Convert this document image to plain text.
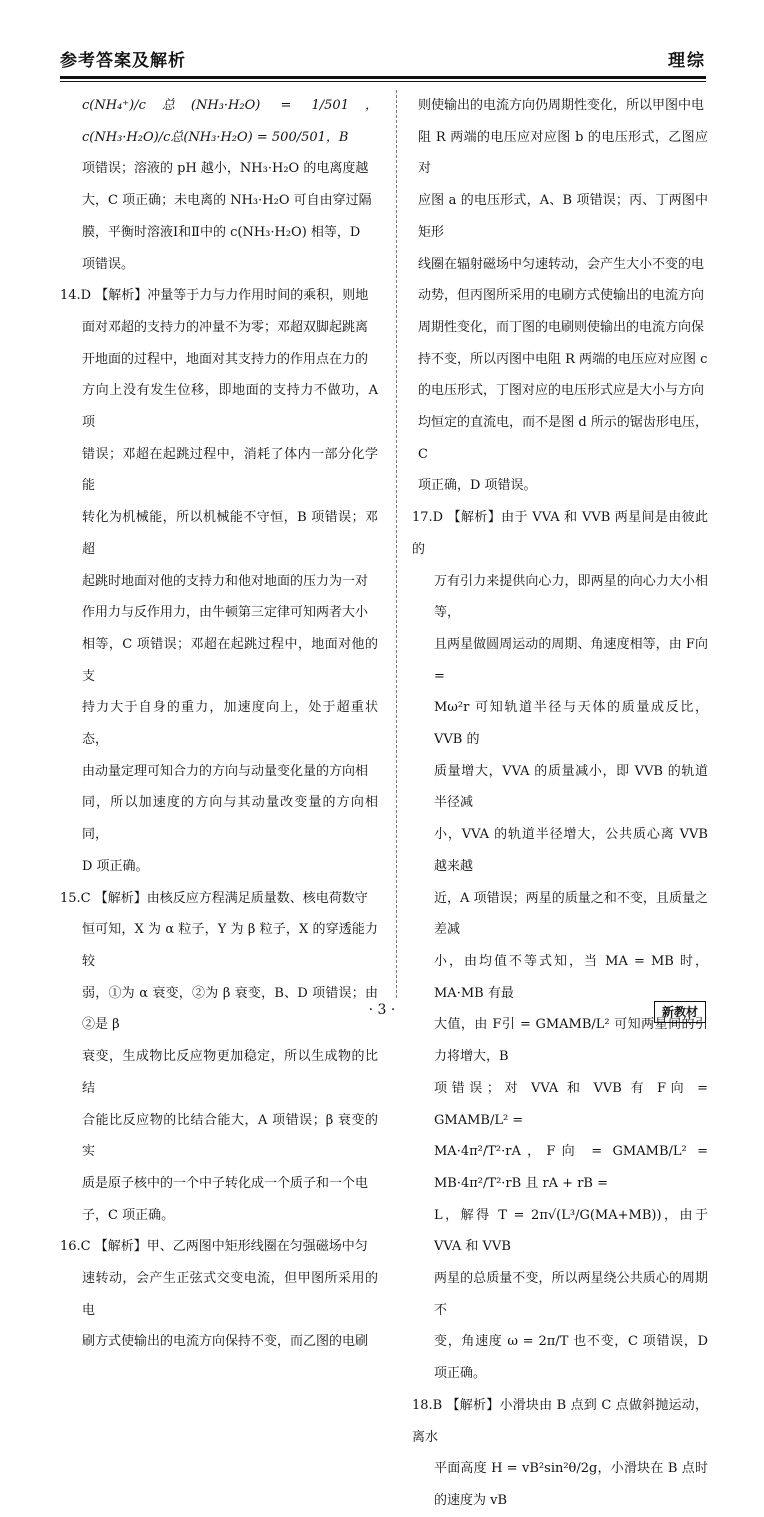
参考答案及解析	理综

c(NH₄⁺)/c总(NH₃·H₂O) = 1/501，c(NH₃·H₂O)/c总(NH₃·H₂O) = 500/501，B

项错误；溶液的 pH 越小，NH₃·H₂O 的电离度越

大，C 项正确；未电离的 NH₃·H₂O 可自由穿过隔

膜，平衡时溶液Ⅰ和Ⅱ中的 c(NH₃·H₂O) 相等，D

项错误。

14.D 【解析】冲量等于力与力作用时间的乘积，则地

面对邓超的支持力的冲量不为零；邓超双脚起跳离

开地面的过程中，地面对其支持力的作用点在力的

方向上没有发生位移，即地面的支持力不做功，A 项

错误；邓超在起跳过程中，消耗了体内一部分化学能

转化为机械能，所以机械能不守恒，B 项错误；邓超

起跳时地面对他的支持力和他对地面的压力为一对

作用力与反作用力，由牛顿第三定律可知两者大小

相等，C 项错误；邓超在起跳过程中，地面对他的支

持力大于自身的重力，加速度向上，处于超重状态，

由动量定理可知合力的方向与动量变化量的方向相

同，所以加速度的方向与其动量改变量的方向相同，

D 项正确。

15.C 【解析】由核反应方程满足质量数、核电荷数守

恒可知，X 为 α 粒子，Y 为 β 粒子，X 的穿透能力较

弱，①为 α 衰变，②为 β 衰变，B、D 项错误；由②是 β

衰变，生成物比反应物更加稳定，所以生成物的比结

合能比反应物的比结合能大，A 项错误；β 衰变的实

质是原子核中的一个中子转化成一个质子和一个电

子，C 项正确。

16.C 【解析】甲、乙两图中矩形线圈在匀强磁场中匀

速转动，会产生正弦式交变电流，但甲图所采用的电

刷方式使输出的电流方向保持不变，而乙图的电刷

则使输出的电流方向仍周期性变化，所以甲图中电

阻 R 两端的电压应对应图 b 的电压形式，乙图应对

应图 a 的电压形式，A、B 项错误；丙、丁两图中矩形

线圈在辐射磁场中匀速转动，会产生大小不变的电

动势，但丙图所采用的电刷方式使输出的电流方向

周期性变化，而丁图的电刷则使输出的电流方向保

持不变，所以丙图中电阻 R 两端的电压应对应图 c

的电压形式，丁图对应的电压形式应是大小与方向

均恒定的直流电，而不是图 d 所示的锯齿形电压，C

项正确，D 项错误。

17.D 【解析】由于 VVA 和 VVB 两星间是由彼此的

万有引力来提供向心力，即两星的向心力大小相等，

且两星做圆周运动的周期、角速度相等，由 F向 =

Mω²r 可知轨道半径与天体的质量成反比，VVB 的

质量增大，VVA 的质量减小，即 VVB 的轨道半径减

小，VVA 的轨道半径增大，公共质心离 VVB 越来越

近，A 项错误；两星的质量之和不变，且质量之差减

小，由均值不等式知，当 MA = MB 时，MA·MB 有最

大值，由 F引 = GMAMB/L² 可知两星间的引力将增大，B

项错误；对 VVA 和 VVB 有 F向 = GMAMB/L² =

MA·4π²/T²·rA，F向 = GMAMB/L² = MB·4π²/T²·rB 且 rA + rB =

L，解得 T = 2π√(L³/G(MA+MB))，由于 VVA 和 VVB

两星的总质量不变，所以两星绕公共质心的周期不

变，角速度 ω = 2π/T 也不变，C 项错误，D 项正确。

18.B 【解析】小滑块由 B 点到 C 点做斜抛运动，离水

平面高度 H = vB²sin²θ/2g，小滑块在 B 点时的速度为 vB

· 3 ·	新教材
